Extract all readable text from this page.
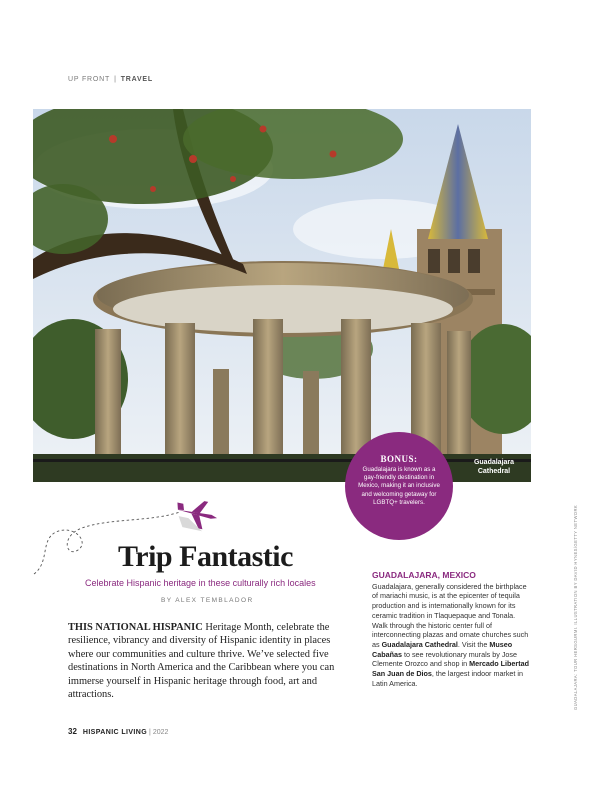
UP FRONT | TRAVEL
Guadalajara Cathedral
BONUS:
Guadalajara is known as a gay-friendly destination in Mexico, making it an inclusive and welcoming getaway for LGBTQ+ travelers.
Trip Fantastic
Celebrate Hispanic heritage in these culturally rich locales
BY ALEX TEMBLADOR
THIS NATIONAL HISPANIC Heritage Month, celebrate the resilience, vibrancy and diversity of Hispanic identity in places where our communities and culture thrive. We’ve selected five destinations in North America and the Caribbean where you can immerse yourself in Hispanic heritage through food, art and attractions.
GUADALAJARA, MEXICO
Guadalajara, generally considered the birthplace of mariachi music, is at the epicenter of tequila production and is internationally known for its ceramic tradition in Tlaquepaque and Tonala. Walk through the historic center full of interconnecting plazas and ornate churches such as Guadalajara Cathedral. Visit the Museo Cabañas to see revolutionary murals by Jose Clemente Orozco and shop in Mercado Libertad San Juan de Dios, the largest indoor market in Latin America.	GUADALAJARA: TOUR HERSGURMI. ILLUSTRATION BY DAVID HYNES/GETTY NETWORK
32 HISPANIC LIVING | 2022
